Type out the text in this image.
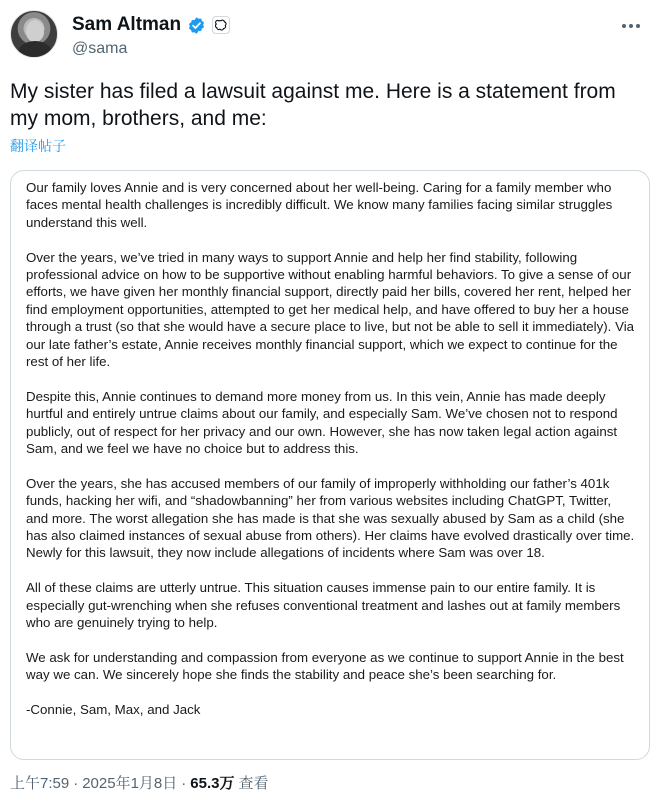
Sam Altman
@sama
My sister has filed a lawsuit against me. Here is a statement from my mom, brothers, and me:
翻译帖子

Our family loves Annie and is very concerned about her well-being. Caring for a family member who faces mental health challenges is incredibly difficult. We know many families facing similar struggles understand this well.

Over the years, we’ve tried in many ways to support Annie and help her find stability, following professional advice on how to be supportive without enabling harmful behaviors. To give a sense of our efforts, we have given her monthly financial support, directly paid her bills, covered her rent, helped her find employment opportunities, attempted to get her medical help, and have offered to buy her a house through a trust (so that she would have a secure place to live, but not be able to sell it immediately). Via our late father’s estate, Annie receives monthly financial support, which we expect to continue for the rest of her life.

Despite this, Annie continues to demand more money from us. In this vein, Annie has made deeply hurtful and entirely untrue claims about our family, and especially Sam. We’ve chosen not to respond publicly, out of respect for her privacy and our own. However, she has now taken legal action against Sam, and we feel we have no choice but to address this.

Over the years, she has accused members of our family of improperly withholding our father’s 401k funds, hacking her wifi, and “shadowbanning” her from various websites including ChatGPT, Twitter, and more. The worst allegation she has made is that she was sexually abused by Sam as a child (she has also claimed instances of sexual abuse from others). Her claims have evolved drastically over time. Newly for this lawsuit, they now include allegations of incidents where Sam was over 18.

All of these claims are utterly untrue. This situation causes immense pain to our entire family. It is especially gut-wrenching when she refuses conventional treatment and lashes out at family members who are genuinely trying to help.

We ask for understanding and compassion from everyone as we continue to support Annie in the best way we can. We sincerely hope she finds the stability and peace she’s been searching for.

-Connie, Sam, Max, and Jack

上午7:59 · 2025年1月8日 · 65.3万 查看
